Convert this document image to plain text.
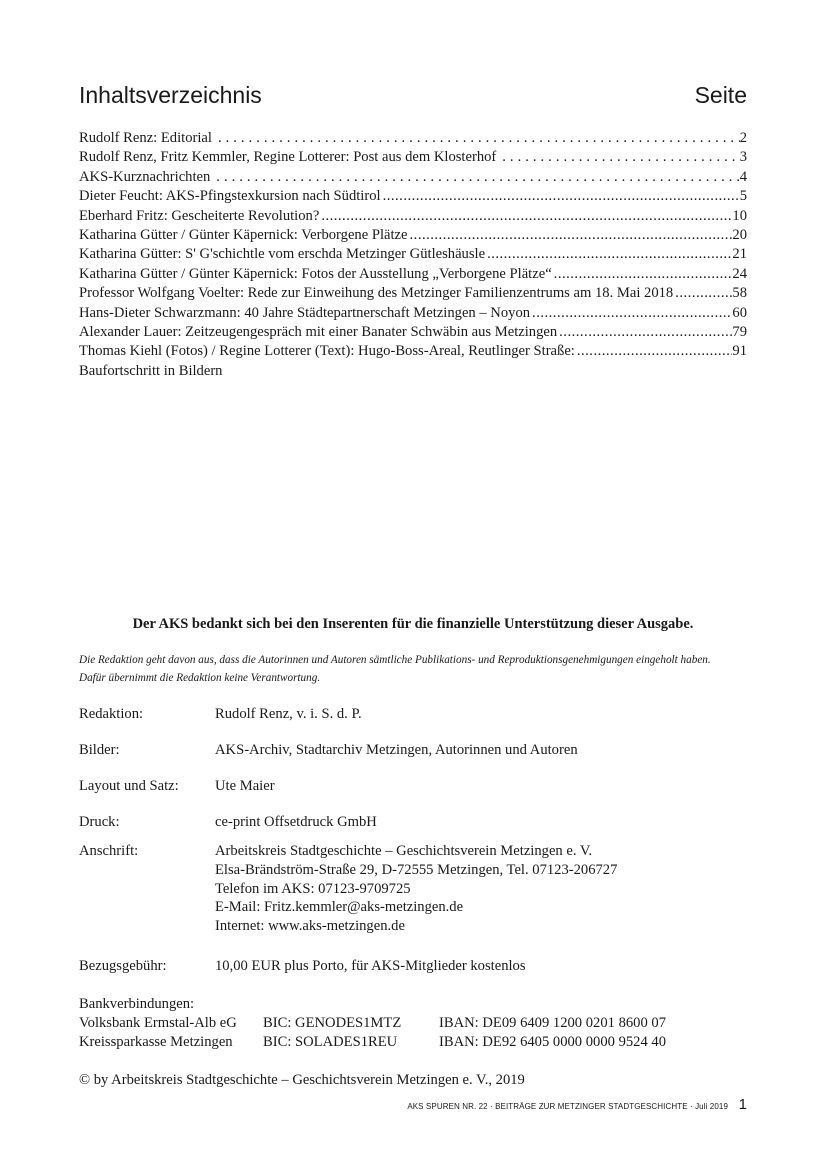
Inhaltsverzeichnis	Seite
Rudolf Renz: Editorial .....	2
Rudolf Renz, Fritz Kemmler, Regine Lotterer: Post aus dem Klosterhof .....	3
AKS-Kurznachrichten .....	4
Dieter Feucht: AKS-Pfingstexkursion nach Südtirol .....	5
Eberhard Fritz: Gescheiterte Revolution? .....	10
Katharina Gütter / Günter Käpernick: Verborgene Plätze .....	20
Katharina Gütter: S' G'schichtle vom erschda Metzinger Gütleshäusle .....	21
Katharina Gütter / Günter Käpernick: Fotos der Ausstellung „Verborgene Plätze“ .....	24
Professor Wolfgang Voelter: Rede zur Einweihung des Metzinger Familienzentrums am 18. Mai 2018 .....	58
Hans-Dieter Schwarzmann: 40 Jahre Städtepartnerschaft Metzingen – Noyon .....	60
Alexander Lauer: Zeitzeugengespräch mit einer Banater Schwäbin aus Metzingen .....	79
Thomas Kiehl (Fotos) / Regine Lotterer (Text): Hugo-Boss-Areal, Reutlinger Straße: .....	91
Baufortschritt in Bildern
Der AKS bedankt sich bei den Inserenten für die finanzielle Unterstützung dieser Ausgabe.
Die Redaktion geht davon aus, dass die Autorinnen und Autoren sämtliche Publikations- und Reproduktionsgenehmigungen eingeholt haben. Dafür übernimmt die Redaktion keine Verantwortung.
Redaktion:	Rudolf Renz, v. i. S. d. P.
Bilder:	AKS-Archiv, Stadtarchiv Metzingen, Autorinnen und Autoren
Layout und Satz: Ute Maier
Druck:	ce-print Offsetdruck GmbH
Anschrift:	Arbeitskreis Stadtgeschichte – Geschichtsverein Metzingen e. V.
Elsa-Brändström-Straße 29, D-72555 Metzingen, Tel. 07123-206727
Telefon im AKS: 07123-9709725
E-Mail: Fritz.kemmler@aks-metzingen.de
Internet: www.aks-metzingen.de
Bezugsgebühr:	10,00 EUR plus Porto, für AKS-Mitglieder kostenlos
Bankverbindungen:
Volksbank Ermstal-Alb eG BIC: GENODES1MTZ	IBAN: DE09 6409 1200 0201 8600 07
Kreissparkasse Metzingen BIC: SOLADES1REU	IBAN: DE92 6405 0000 0000 9524 40
© by Arbeitskreis Stadtgeschichte – Geschichtsverein Metzingen e. V., 2019
AKS SPUREN NR. 22 · BEITRÄGE ZUR METZINGER STADTGESCHICHTE · Juli 2019 1
